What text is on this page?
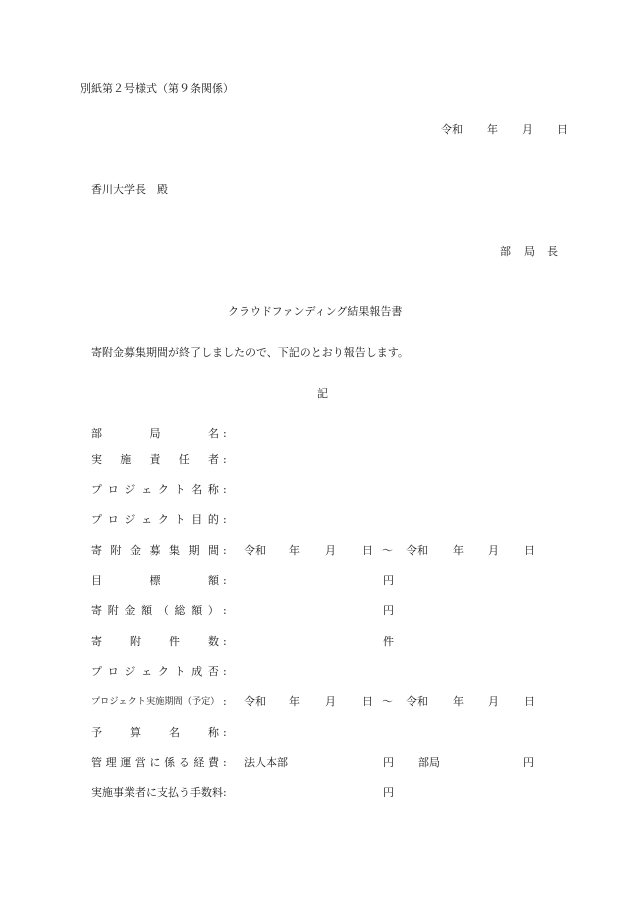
別紙第２号様式（第９条関係）
令和 年 月 日
香川大学長　殿
部 局 長
クラウドファンディング結果報告書
寄附金募集期間が終了しましたので、下記のとおり報告します。
記
部	局	名 :
実 施 責 任 者 :
プ ロ ジ ェ ク ト 名 称 :
プ ロ ジ ェ ク ト 目 的 :
寄 附 金 募 集 期 間 : 令和 年 月 日 ～ 令和 年 月 日
目	標	額 :	円
寄 附 金 額 （ 総 額 ） :	円
寄	附	件	数 :	件
プ ロ ジ ェ ク ト 成 否 :
プロジェクト実施期間（予定） : 令和 年 月 日 ～ 令和 年 月 日
予	算	名	称 :
管 理 運 営 に 係 る 経 費 : 法人本部	円 部局	円
実施事業者に支払う手数料 :	円
